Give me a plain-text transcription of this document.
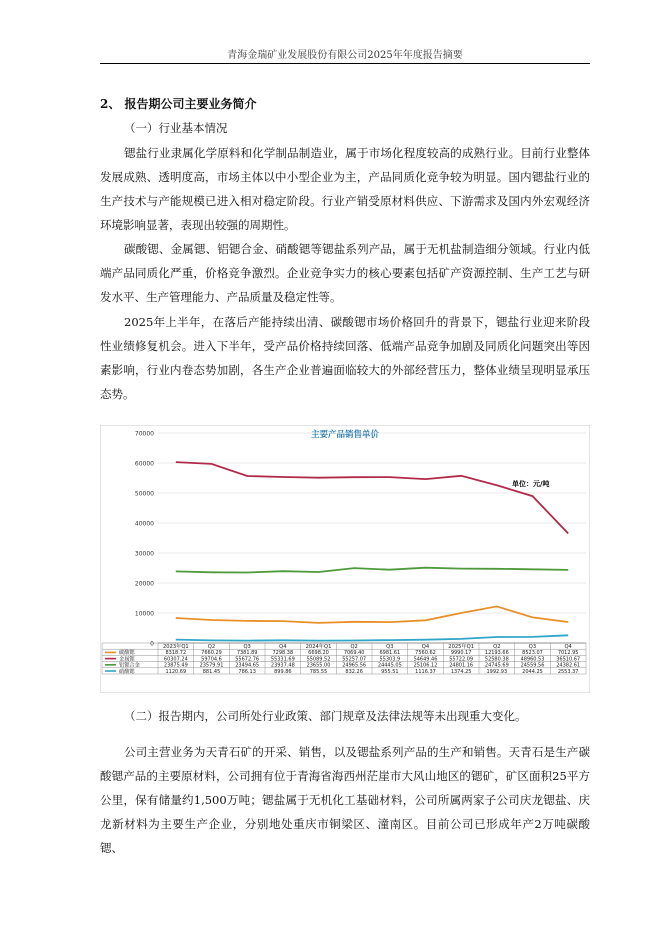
青海金瑞矿业发展股份有限公司2025年年度报告摘要
2、 报告期公司主要业务简介
（一）行业基本情况

锶盐行业隶属化学原料和化学制品制造业，属于市场化程度较高的成熟行业。目前行业整体发展成熟、透明度高，市场主体以中小型企业为主，产品同质化竞争较为明显。国内锶盐行业的生产技术与产能规模已进入相对稳定阶段。行业产销受原材料供应、下游需求及国内外宏观经济环境影响显著，表现出较强的周期性。

碳酸锶、金属锶、铝锶合金、硝酸锶等锶盐系列产品，属于无机盐制造细分领域。行业内低端产品同质化严重，价格竞争激烈。企业竞争实力的核心要素包括矿产资源控制、生产工艺与研发水平、生产管理能力、产品质量及稳定性等。

2025年上半年，在落后产能持续出清、碳酸锶市场价格回升的背景下，锶盐行业迎来阶段性业绩修复机会。进入下半年，受产品价格持续回落、低端产品竞争加剧及同质化问题突出等因素影响，行业内卷态势加剧，各生产企业普遍面临较大的外部经营压力，整体业绩呈现明显承压态势。

主要产品销售单价
单位：元/吨
0
10000
20000
30000
40000
50000
60000
70000
2023年Q1	Q2	Q3	Q4	2024年Q1	Q2	Q3	Q4	2025年Q1	Q2	Q3	Q4
碳酸锶	8318.72	7660.29	7381.89	7298.38	6698.20	7069.40	6981.61	7560.62	9990.17	12193.66	8523.07	7012.95
金属锶	60307.24	59704.6	55672.76 55331.69 55089.52 55257.07	55303.9	54649.46 55722.09 52580.38 48960.53 36510.67
铝锶合金	23875.49 23579.91 23494.65 23937.48 23655.00 24965.56 24445.05 25106.12 24801.16 24745.69 24559.56 24382.61
硝酸锶	1120.69	881.45	786.13	899.86	785.55	832.26	955.51	1116.37	1374.25	1992.93	2044.25	2553.37
（二）报告期内，公司所处行业政策、部门规章及法律法规等未出现重大变化。

公司主营业务为天青石矿的开采、销售，以及锶盐系列产品的生产和销售。天青石是生产碳酸锶产品的主要原材料，公司拥有位于青海省海西州茫崖市大风山地区的锶矿，矿区面积25平方公里，保有储量约1,500万吨；锶盐属于无机化工基础材料，公司所属两家子公司庆龙锶盐、庆龙新材料为主要生产企业，分别地处重庆市铜梁区、潼南区。目前公司已形成年产2万吨碳酸锶、
